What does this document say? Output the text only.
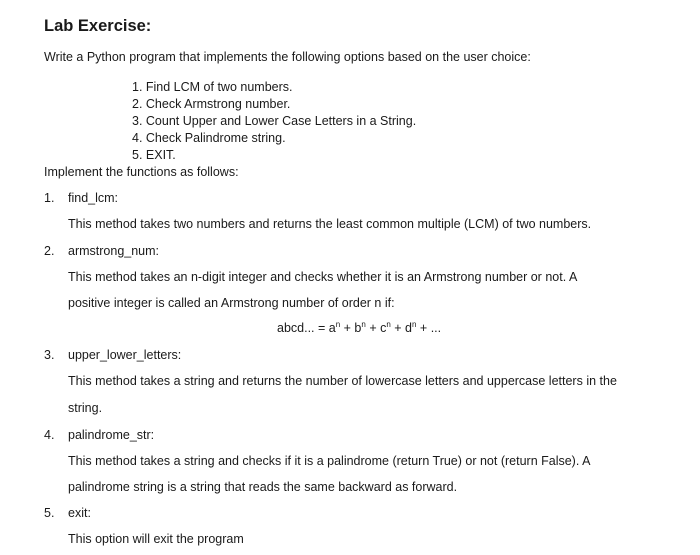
Lab Exercise:
Write a Python program that implements the following options based on the user choice:
1. Find LCM of two numbers.
2. Check Armstrong number.
3. Count Upper and Lower Case Letters in a String.
4. Check Palindrome string.
5. EXIT.
Implement the functions as follows:
1. find_lcm:
This method takes two numbers and returns the least common multiple (LCM) of two numbers.
2. armstrong_num:
This method takes an n-digit integer and checks whether it is an Armstrong number or not. A
positive integer is called an Armstrong number of order n if:
abcd... = $a^n + b^n + c^n + d^n$ + ...
3. upper_lower_letters:
This method takes a string and returns the number of lowercase letters and uppercase letters in the
string.
4. palindrome_str:
This method takes a string and checks if it is a palindrome (return True) or not (return False). A
palindrome string is a string that reads the same backward as forward.
5. exit:
This option will exit the program
